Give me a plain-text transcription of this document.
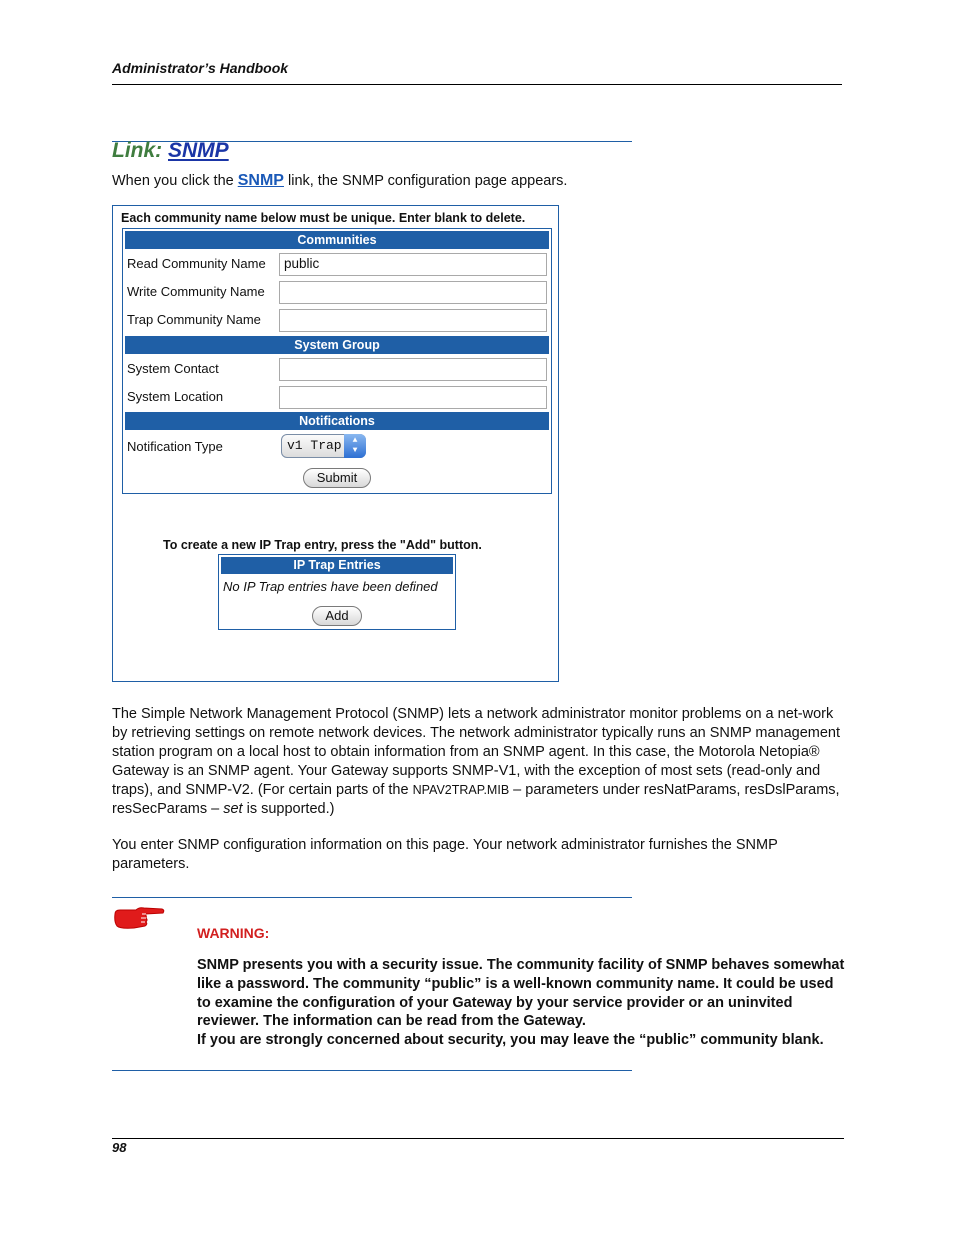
Administrator’s Handbook
Link: SNMP
When you click the SNMP link, the SNMP configuration page appears.
Each community name below must be unique. Enter blank to delete.
Communities
Read Community Name	public
Write Community Name
Trap Community Name
System Group
System Contact
System Location
Notifications
Notification Type	v1 Trap	▲
▼
Submit
To create a new IP Trap entry, press the "Add" button.
IP Trap Entries
No IP Trap entries have been defined
Add
The Simple Network Management Protocol (SNMP) lets a network administrator monitor problems on a net-work by retrieving settings on remote network devices. The network administrator typically runs an SNMP management station program on a local host to obtain information from an SNMP agent. In this case, the Motorola Netopia® Gateway is an SNMP agent. Your Gateway supports SNMP-V1, with the exception of most sets (read-only and traps), and SNMP-V2. (For certain parts of the NPAV2TRAP.MIB – parameters under resNatParams, resDslParams, resSecParams – set is supported.)
You enter SNMP configuration information on this page. Your network administrator furnishes the SNMP parameters.
WARNING:
SNMP presents you with a security issue. The community facility of SNMP behaves somewhat like a password. The community “public” is a well-known community name. It could be used to examine the configuration of your Gateway by your service provider or an uninvited reviewer. The information can be read from the Gateway.
If you are strongly concerned about security, you may leave the “public” community blank.
98
